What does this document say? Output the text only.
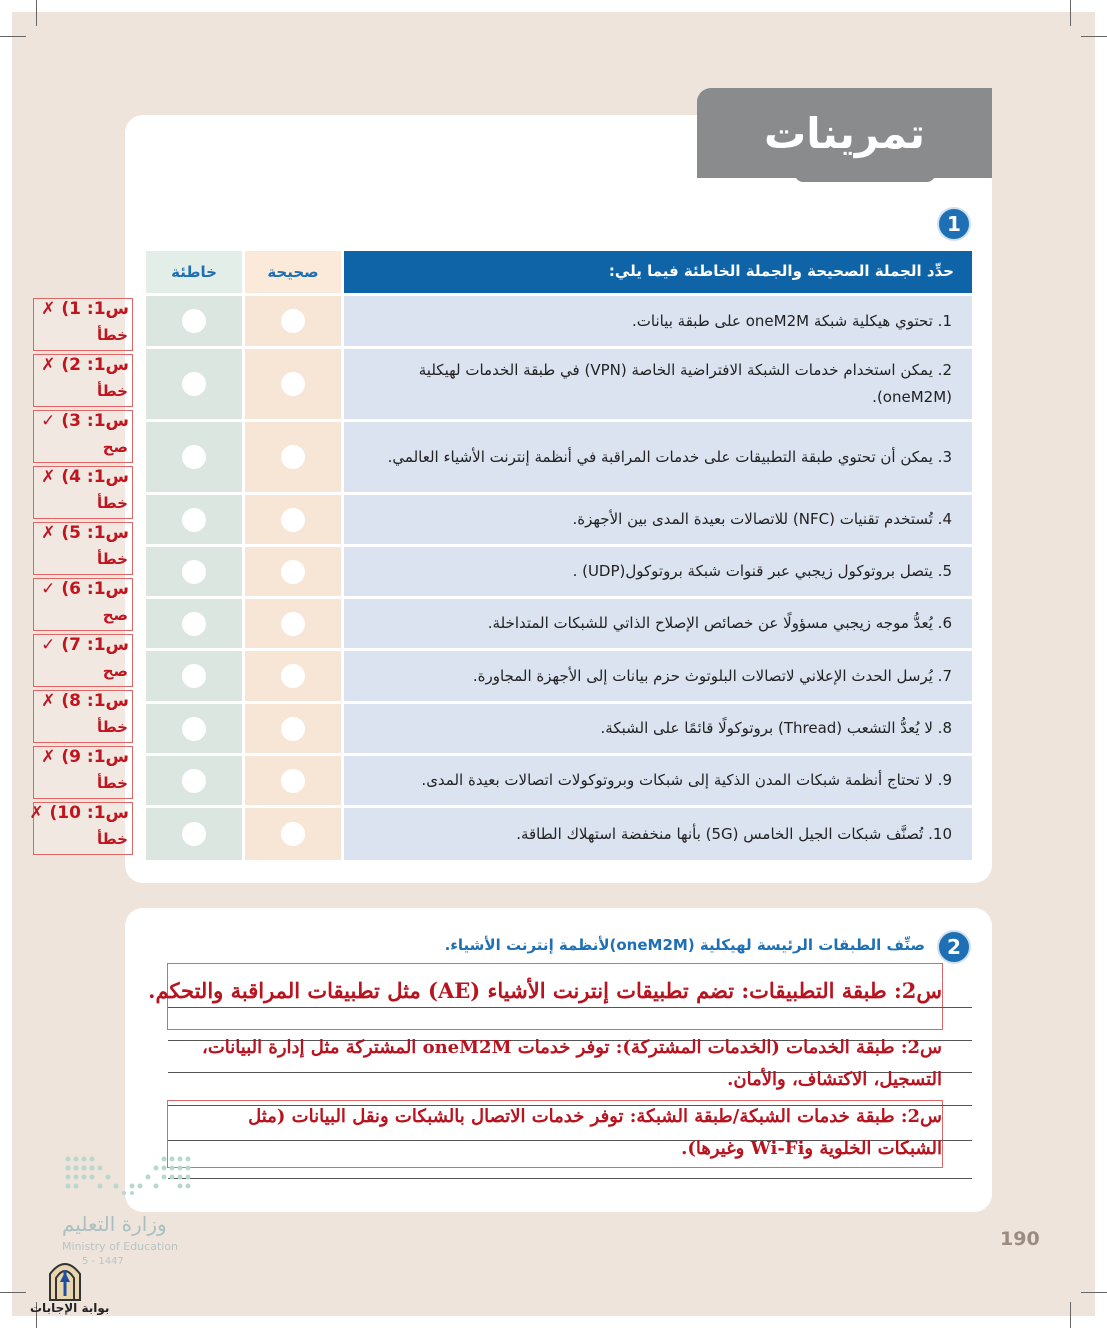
تمرينات
1
حدِّد الجملة الصحيحة والجملة الخاطئة فيما يلي:
صحيحة
خاطئة
1. تحتوي هيكلية شبكة oneM2M على طبقة بيانات.
2. يمكن استخدام خدمات الشبكة الافتراضية الخاصة (VPN) في طبقة الخدمات لهيكلية (oneM2M).
3. يمكن أن تحتوي طبقة التطبيقات على خدمات المراقبة في أنظمة إنترنت الأشياء العالمي.
4. تُستخدم تقنيات (NFC) للاتصالات بعيدة المدى بين الأجهزة.
5. يتصل بروتوكول زيجبي عبر قنوات شبكة بروتوكول(UDP) .
6. يُعدُّ موجه زيجبي مسؤولًا عن خصائص الإصلاح الذاتي للشبكات المتداخلة.
7. يُرسل الحدث الإعلاني لاتصالات البلوتوث حزم بيانات إلى الأجهزة المجاورة.
8. لا يُعدُّ التشعب (Thread) بروتوكولًا قائمًا على الشبكة.
9. لا تحتاج أنظمة شبكات المدن الذكية إلى شبكات وبروتوكولات اتصالات بعيدة المدى.
10. تُصنَّف شبكات الجيل الخامس (5G) بأنها منخفضة استهلاك الطاقة.
س1: 1) ✗
خطأ
س1: 2) ✗
خطأ
س1: 3) ✓
صح
س1: 4) ✗
خطأ
س1: 5) ✗
خطأ
س1: 6) ✓
صح
س1: 7) ✓
صح
س1: 8) ✗
خطأ
س1: 9) ✗
خطأ
س1: 10) ✗
خطأ
2
صنِّف الطبقات الرئيسة لهيكلية (oneM2M)لأنظمة إنترنت الأشياء.
س2: طبقة التطبيقات: تضم تطبيقات إنترنت الأشياء (AE) مثل تطبيقات المراقبة والتحكم.
س2: طبقة الخدمات (الخدمات المشتركة): توفر خدمات oneM2M المشتركة مثل إدارة البيانات،
التسجيل، الاكتشاف، والأمان.
س2: طبقة خدمات الشبكة/طبقة الشبكة: توفر خدمات الاتصال بالشبكات ونقل البيانات (مثل
الشبكات الخلوية وWi-Fi وغيرها).
190
وزارة التعليم
Ministry of Education
5 - 1447
بوابة الإجابات
